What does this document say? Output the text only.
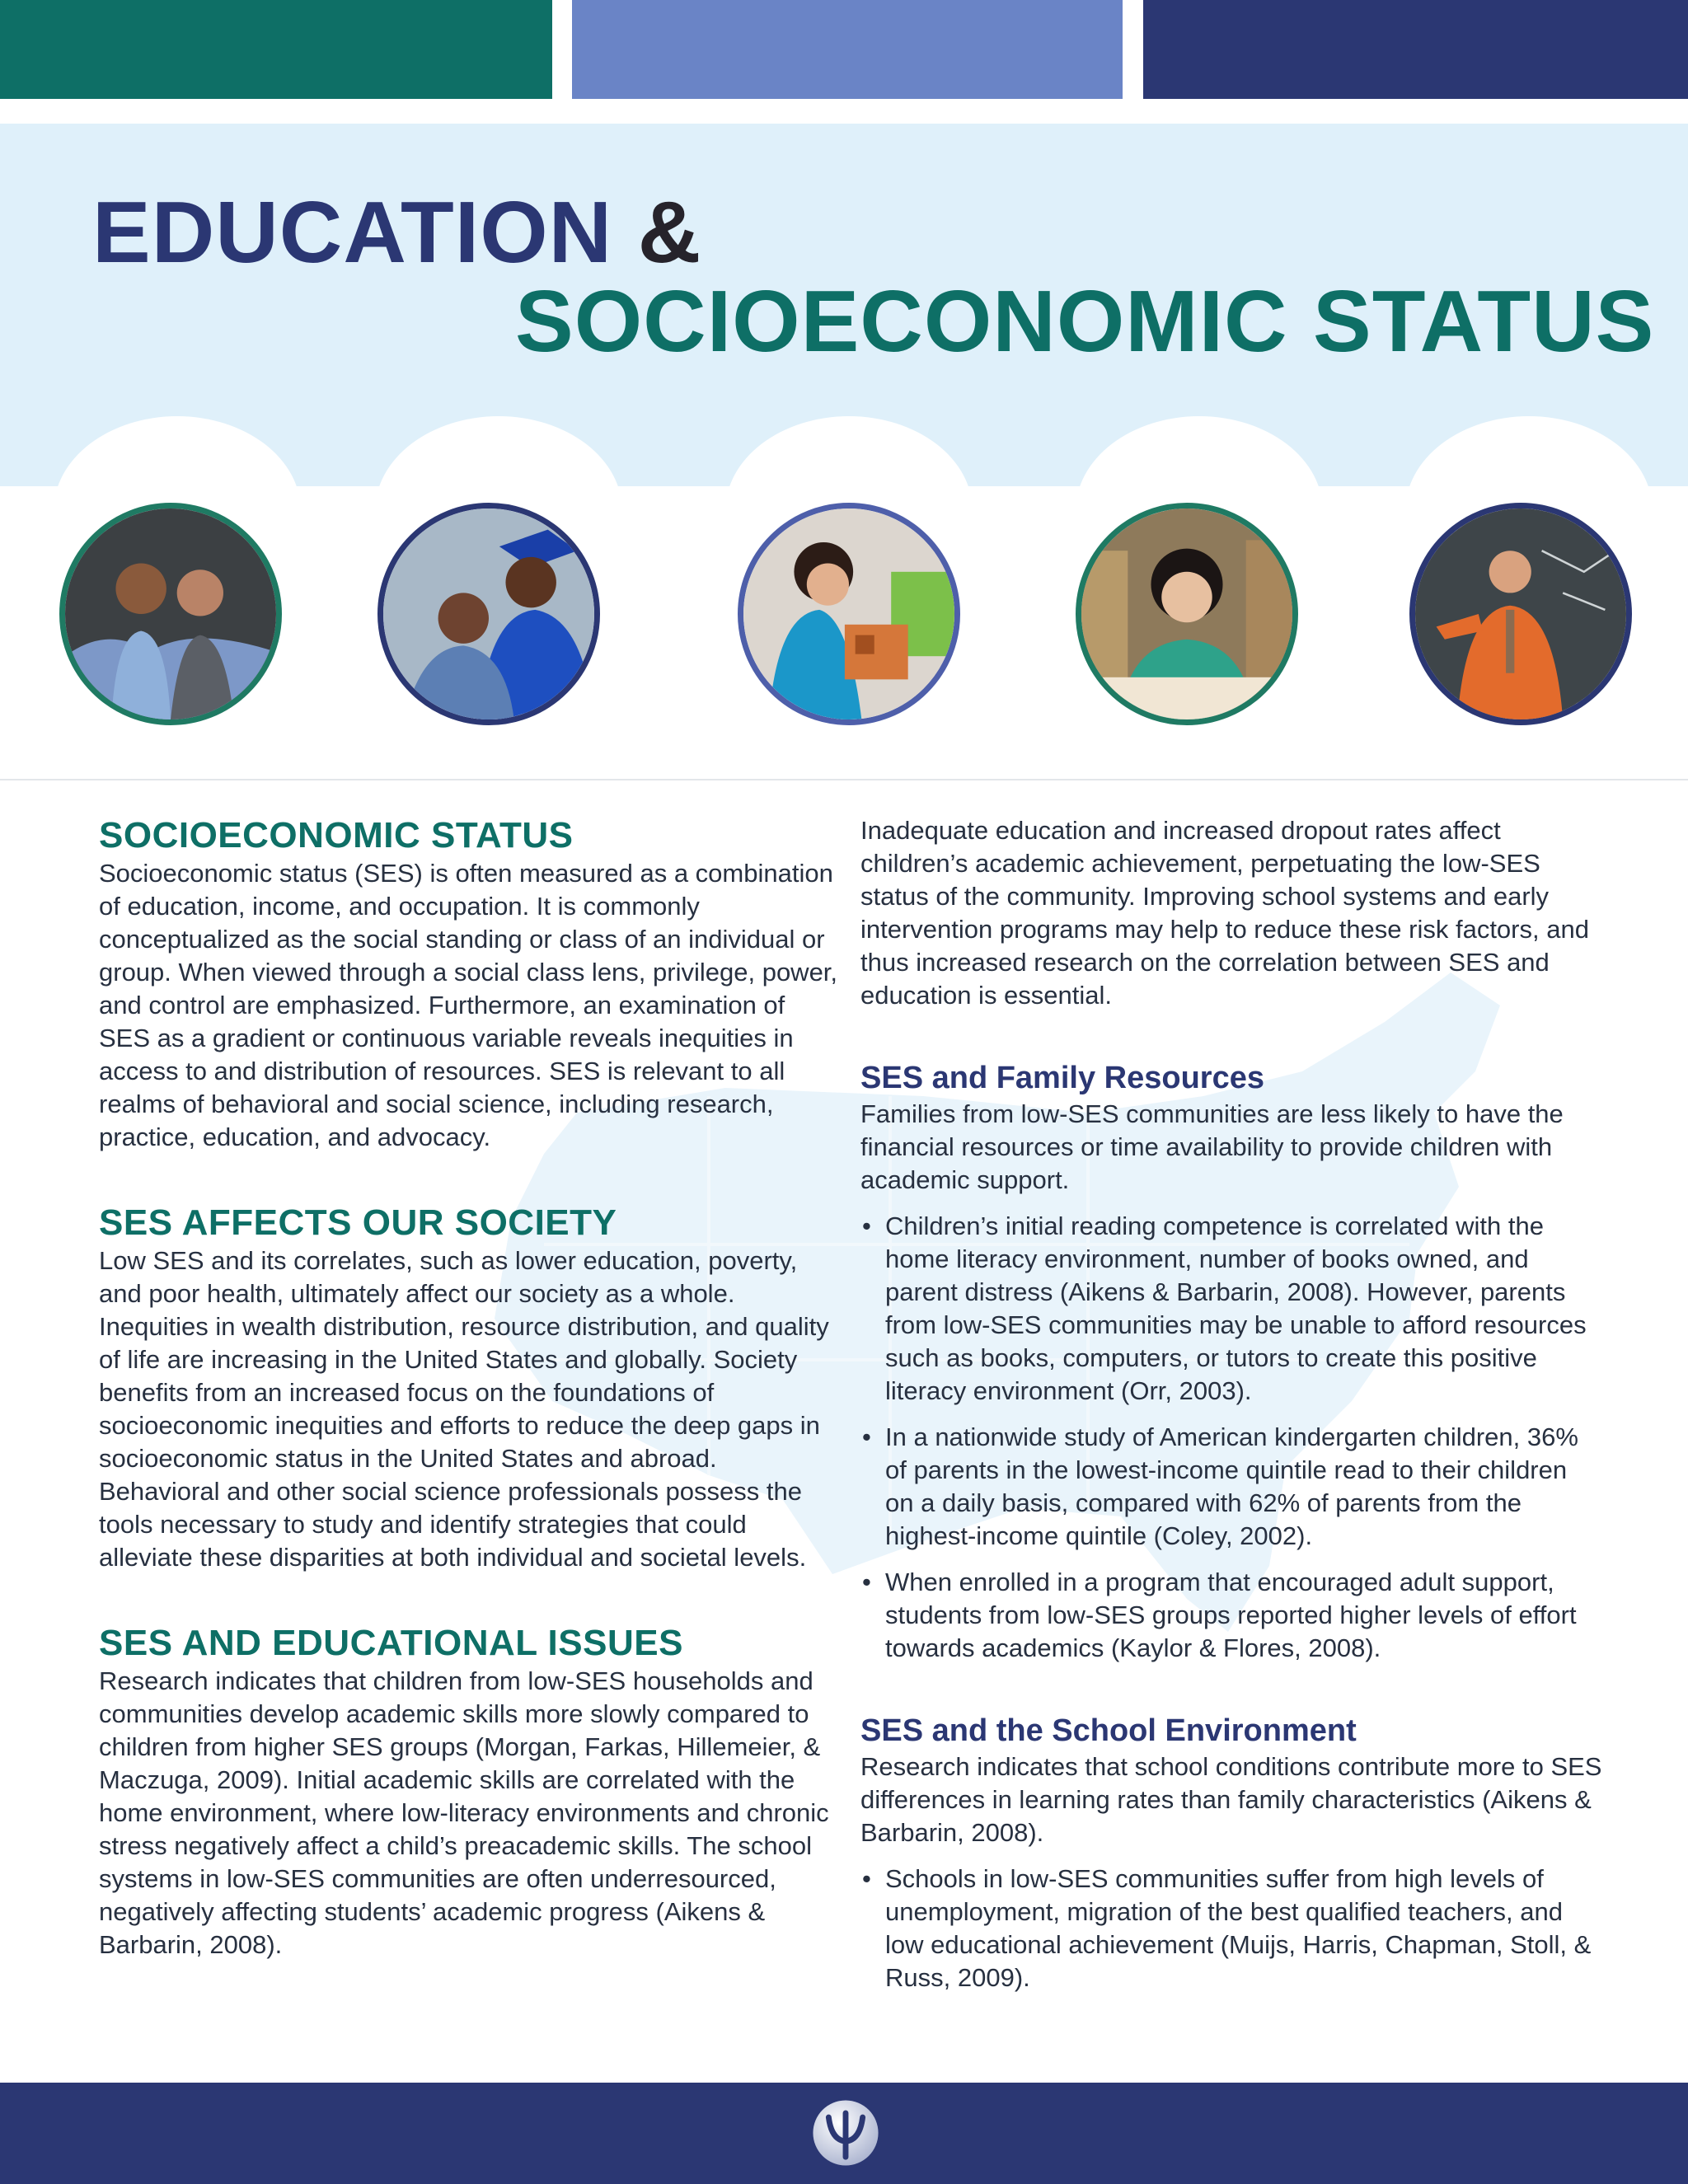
EDUCATION &
SOCIOECONOMIC STATUS
SOCIOECONOMIC STATUS

Socioeconomic status (SES) is often measured as a combination of education, income, and occupation. It is commonly conceptualized as the social standing or class of an individual or group. When viewed through a social class lens, privilege, power, and control are emphasized. Furthermore, an examination of SES as a gradient or continuous variable reveals inequities in access to and distribution of resources. SES is relevant to all realms of behavioral and social science, including research, practice, education, and advocacy.

SES AFFECTS OUR SOCIETY

Low SES and its correlates, such as lower education, poverty, and poor health, ultimately affect our society as a whole. Inequities in wealth distribution, resource distribution, and quality of life are increasing in the United States and globally. Society benefits from an increased focus on the foundations of socioeconomic inequities and efforts to reduce the deep gaps in socioeconomic status in the United States and abroad. Behavioral and other social science professionals possess the tools necessary to study and identify strategies that could alleviate these disparities at both individual and societal levels.

SES AND EDUCATIONAL ISSUES

Research indicates that children from low-SES households and communities develop academic skills more slowly compared to children from higher SES groups (Morgan, Farkas, Hillemeier, & Maczuga, 2009). Initial academic skills are correlated with the home environment, where low-literacy environments and chronic stress negatively affect a child’s preacademic skills. The school systems in low-SES communities are often underresourced, negatively affecting students’ academic progress (Aikens & Barbarin, 2008).

Inadequate education and increased dropout rates affect children’s academic achievement, perpetuating the low-SES status of the community. Improving school systems and early intervention programs may help to reduce these risk factors, and thus increased research on the correlation between SES and education is essential.

SES and Family Resources

Families from low-SES communities are less likely to have the financial resources or time availability to provide children with academic support.

• Children’s initial reading competence is correlated with the home literacy environment, number of books owned, and parent distress (Aikens & Barbarin, 2008). However, parents from low-SES communities may be unable to afford resources such as books, computers, or tutors to create this positive literacy environment (Orr, 2003).
• In a nationwide study of American kindergarten children, 36% of parents in the lowest-income quintile read to their children on a daily basis, compared with 62% of parents from the highest-income quintile (Coley, 2002).
• When enrolled in a program that encouraged adult support, students from low-SES groups reported higher levels of effort towards academics (Kaylor & Flores, 2008).
SES and the School Environment

Research indicates that school conditions contribute more to SES differences in learning rates than family characteristics (Aikens & Barbarin, 2008).

• Schools in low-SES communities suffer from high levels of unemployment, migration of the best qualified teachers, and low educational achievement (Muijs, Harris, Chapman, Stoll, & Russ, 2009).
